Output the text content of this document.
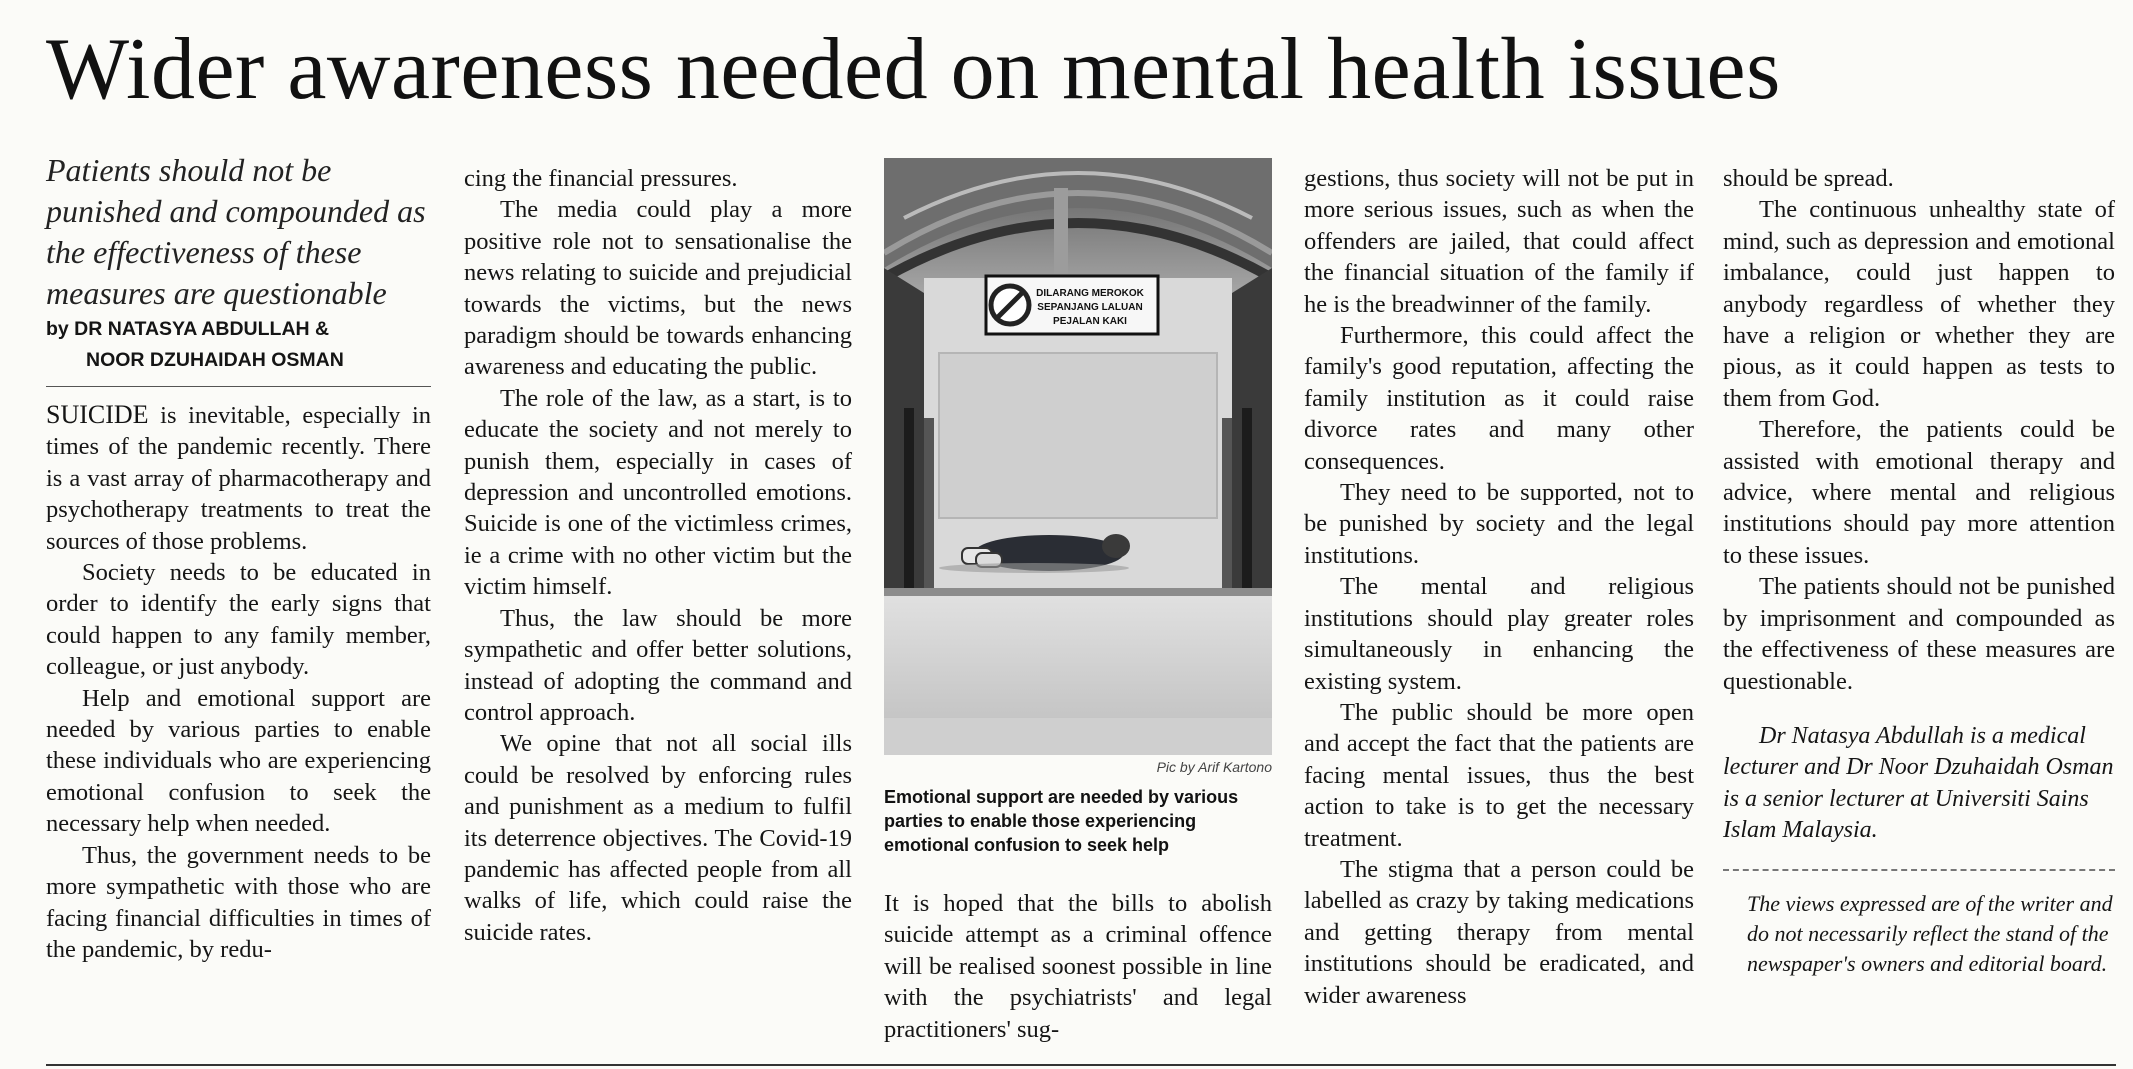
Wider awareness needed on mental health issues

Patients should not be punished and compounded as the effectiveness of these measures are questionable

by DR NATASYA ABDULLAH &
NOOR DZUHAIDAH OSMAN

SUICIDE is inevitable, especially in times of the pandemic recently. There is a vast array of pharmacotherapy and psychotherapy treatments to treat the sources of those problems.

Society needs to be educated in order to identify the early signs that could happen to any family member, colleague, or just anybody.

Help and emotional support are needed by various parties to enable these individuals who are experiencing emotional confusion to seek the necessary help when needed.

Thus, the government needs to be more sympathetic with those who are facing financial difficulties in times of the pandemic, by redu-

cing the financial pressures.

The media could play a more positive role not to sensationalise the news relating to suicide and prejudicial towards the victims, but the news paradigm should be towards enhancing awareness and educating the public.

The role of the law, as a start, is to educate the society and not merely to punish them, especially in cases of depression and uncontrolled emotions. Suicide is one of the victimless crimes, ie a crime with no other victim but the victim himself.

Thus, the law should be more sympathetic and offer better solutions, instead of adopting the command and control approach.

We opine that not all social ills could be resolved by enforcing rules and punishment as a medium to fulfil its deterrence objectives. The Covid-19 pandemic has affected people from all walks of life, which could raise the suicide rates.

DILARANG MEROKOK
SEPANJANG LALUAN
PEJALAN KAKI
Pic by Arif Kartono

Emotional support are needed by various parties to enable those experiencing emotional confusion to seek help

It is hoped that the bills to abolish suicide attempt as a criminal offence will be realised soonest possible in line with the psychiatrists' and legal practitioners' sug-

gestions, thus society will not be put in more serious issues, such as when the offenders are jailed, that could affect the financial situation of the family if he is the breadwinner of the family.

Furthermore, this could affect the family's good reputation, affecting the family institution as it could raise divorce rates and many other consequences.

They need to be supported, not to be punished by society and the legal institutions.

The mental and religious institutions should play greater roles simultaneously in enhancing the existing system.

The public should be more open and accept the fact that the patients are facing mental issues, thus the best action to take is to get the necessary treatment.

The stigma that a person could be labelled as crazy by taking medications and getting therapy from mental institutions should be eradicated, and wider awareness

should be spread.

The continuous unhealthy state of mind, such as depression and emotional imbalance, could just happen to anybody regardless of whether they have a religion or whether they are pious, as it could happen as tests to them from God.

Therefore, the patients could be assisted with emotional therapy and advice, where mental and religious institutions should pay more attention to these issues.

The patients should not be punished by imprisonment and compounded as the effectiveness of these measures are questionable.

Dr Natasya Abdullah is a medical lecturer and Dr Noor Dzuhaidah Osman is a senior lecturer at Universiti Sains Islam Malaysia.

The views expressed are of the writer and do not necessarily reflect the stand of the newspaper's owners and editorial board.
